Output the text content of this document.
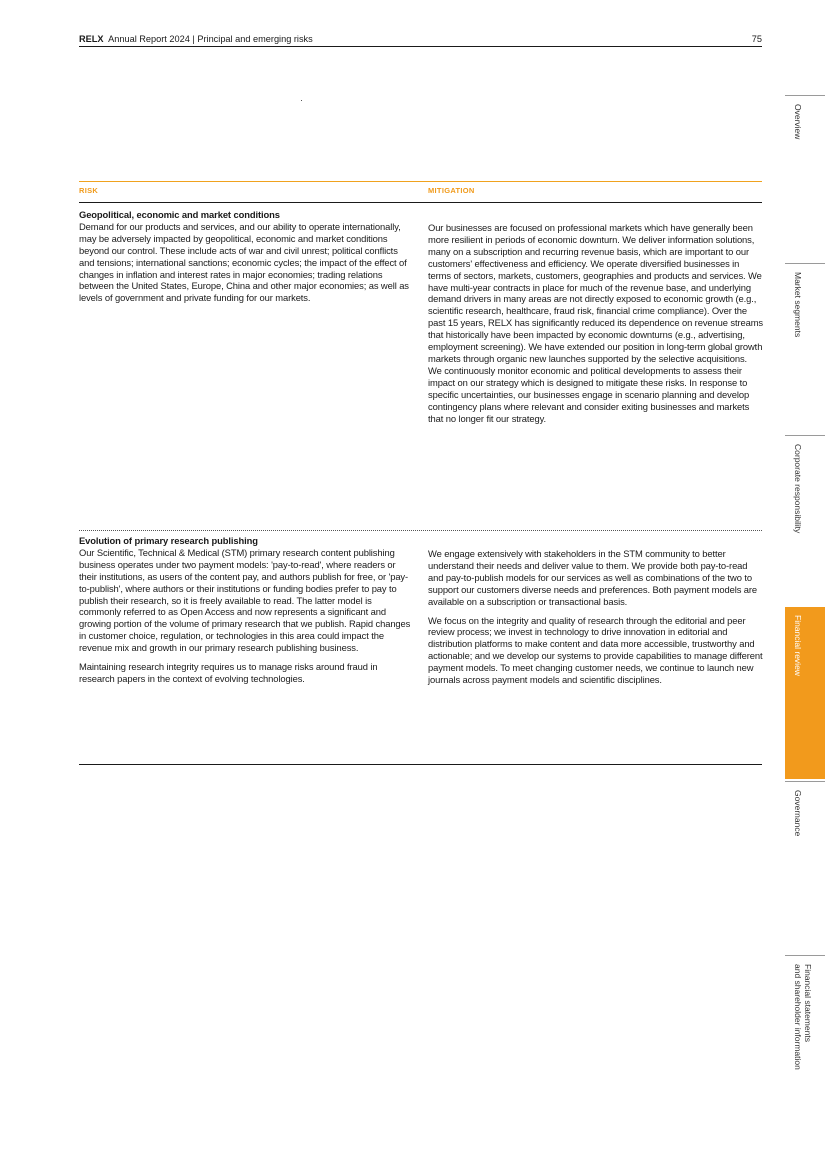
RELX Annual Report 2024 | Principal and emerging risks	75
RISK	MITIGATION

Geopolitical, economic and market conditions

Demand for our products and services, and our ability to operate internationally, may be adversely impacted by geopolitical, economic and market conditions beyond our control. These include acts of war and civil unrest; political conflicts and tensions; international sanctions; economic cycles; the impact of the effect of changes in inflation and interest rates in major economies; trading relations between the United States, Europe, China and other major economies; as well as levels of government and private funding for our markets.

Our businesses are focused on professional markets which have generally been more resilient in periods of economic downturn. We deliver information solutions, many on a subscription and recurring revenue basis, which are important to our customers' effectiveness and efficiency. We operate diversified businesses in terms of sectors, markets, customers, geographies and products and services. We have multi-year contracts in place for much of the revenue base, and underlying demand drivers in many areas are not directly exposed to economic growth (e.g., scientific research, healthcare, fraud risk, financial crime compliance). Over the past 15 years, RELX has significantly reduced its dependence on revenue streams that historically have been impacted by economic downturns (e.g., advertising, employment screening). We have extended our position in long-term global growth markets through organic new launches supported by the selective acquisitions. We continuously monitor economic and political developments to assess their impact on our strategy which is designed to mitigate these risks. In response to specific uncertainties, our businesses engage in scenario planning and develop contingency plans where relevant and consider exiting businesses and markets that no longer fit our strategy.

Evolution of primary research publishing

Our Scientific, Technical & Medical (STM) primary research content publishing business operates under two payment models: 'pay-to-read', where readers or their institutions, as users of the content pay, and authors publish for free, or 'pay-to-publish', where authors or their institutions or funding bodies prefer to pay to publish their research, so it is freely available to read. The latter model is commonly referred to as Open Access and now represents a significant and growing portion of the volume of primary research that we publish. Rapid changes in customer choice, regulation, or technologies in this area could impact the revenue mix and growth in our primary research publishing business.

Maintaining research integrity requires us to manage risks around fraud in research papers in the context of evolving technologies.

We engage extensively with stakeholders in the STM community to better understand their needs and deliver value to them. We provide both pay-to-read and pay-to-publish models for our services as well as combinations of the two to support our customers diverse needs and preferences. Both payment models are available on a subscription or transactional basis.

We focus on the integrity and quality of research through the editorial and peer review process; we invest in technology to drive innovation in editorial and distribution platforms to make content and data more accessible, trustworthy and actionable; and we develop our systems to provide capabilities to manage different payment models. To meet changing customer needs, we continue to launch new journals across payment models and scientific disciplines.

Overview
Market segments
Corporate responsibility
Financial review
Governance
Financial statements
and shareholder information
